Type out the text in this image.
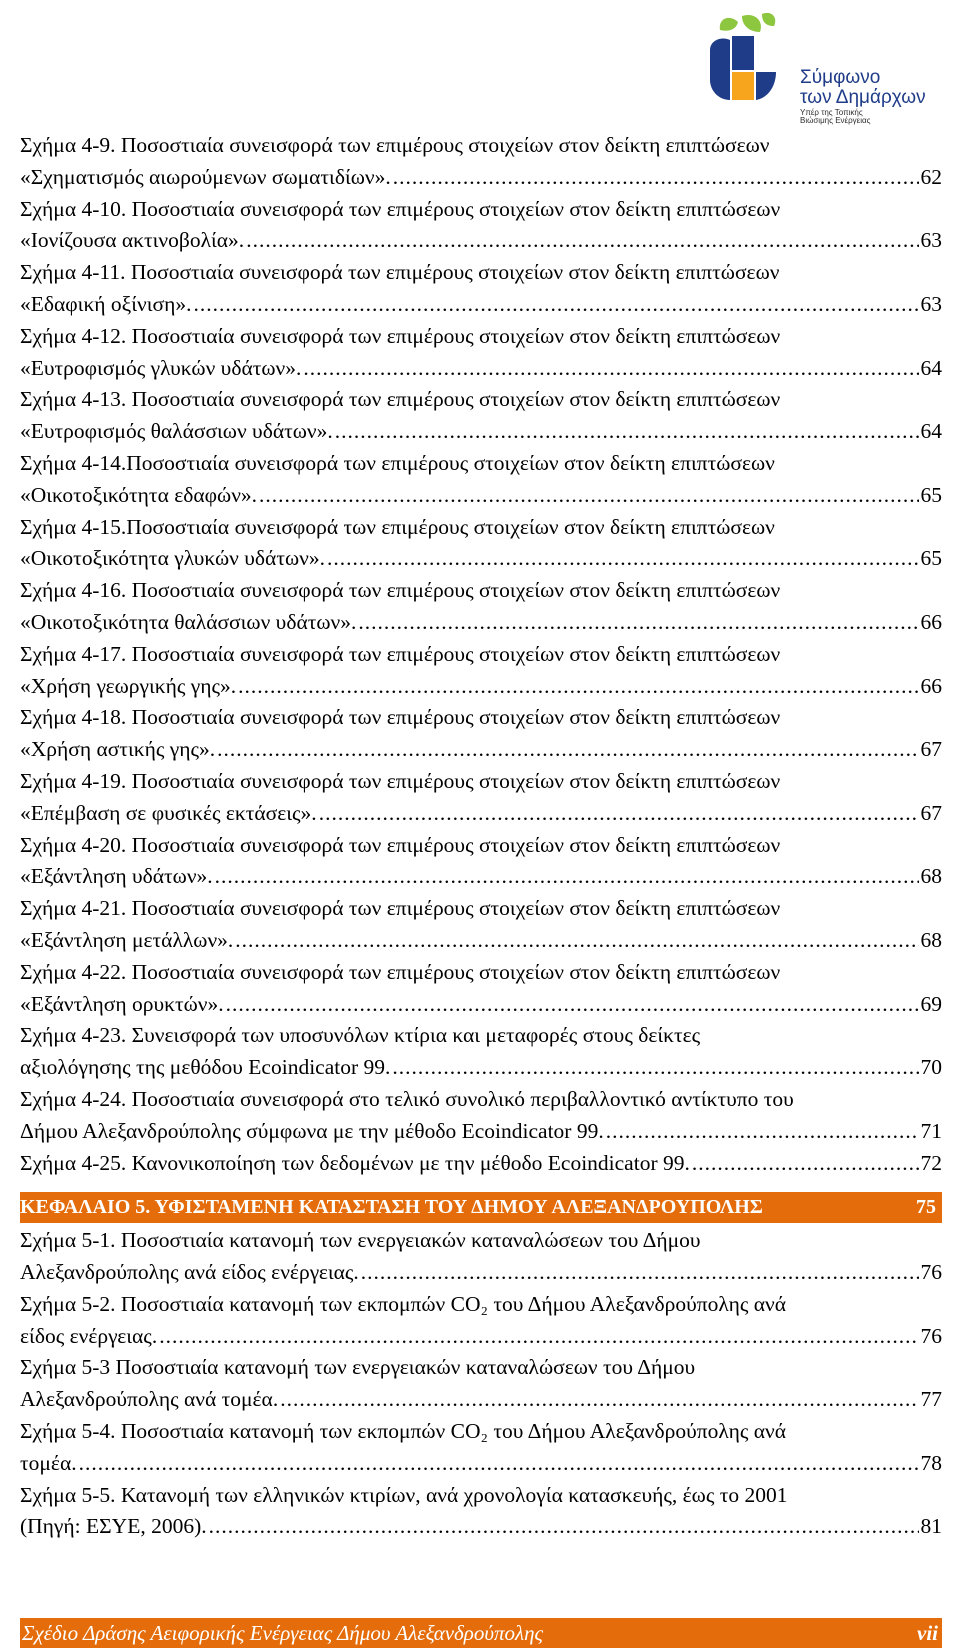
Σύμφωνο
των Δημάρχων
Υπέρ της Τοπικής
Βιώσιμης Ενέργειας
Σχήμα 4-9. Ποσοστιαία συνεισφορά των επιμέρους στοιχείων στον δείκτη επιπτώσεων
«Σχηματισμός αιωρούμενων σωματιδίων». .....	62
Σχήμα 4-10. Ποσοστιαία συνεισφορά των επιμέρους στοιχείων στον δείκτη επιπτώσεων
«Ιονίζουσα ακτινοβολία». .....	63
Σχήμα 4-11. Ποσοστιαία συνεισφορά των επιμέρους στοιχείων στον δείκτη επιπτώσεων
«Εδαφική οξίνιση». .....	63
Σχήμα 4-12. Ποσοστιαία συνεισφορά των επιμέρους στοιχείων στον δείκτη επιπτώσεων
«Ευτροφισμός γλυκών υδάτων». .....	64
Σχήμα 4-13. Ποσοστιαία συνεισφορά των επιμέρους στοιχείων στον δείκτη επιπτώσεων
«Ευτροφισμός θαλάσσιων υδάτων». .....	64
Σχήμα 4-14.Ποσοστιαία συνεισφορά των επιμέρους στοιχείων στον δείκτη επιπτώσεων
«Οικοτοξικότητα εδαφών». .....	65
Σχήμα 4-15.Ποσοστιαία συνεισφορά των επιμέρους στοιχείων στον δείκτη επιπτώσεων
«Οικοτοξικότητα γλυκών υδάτων». .....	65
Σχήμα 4-16. Ποσοστιαία συνεισφορά των επιμέρους στοιχείων στον δείκτη επιπτώσεων
«Οικοτοξικότητα θαλάσσιων υδάτων». .....	66
Σχήμα 4-17. Ποσοστιαία συνεισφορά των επιμέρους στοιχείων στον δείκτη επιπτώσεων
«Χρήση γεωργικής γης». .....	66
Σχήμα 4-18. Ποσοστιαία συνεισφορά των επιμέρους στοιχείων στον δείκτη επιπτώσεων
«Χρήση αστικής γης». .....	67
Σχήμα 4-19. Ποσοστιαία συνεισφορά των επιμέρους στοιχείων στον δείκτη επιπτώσεων
«Επέμβαση σε φυσικές εκτάσεις». .....	67
Σχήμα 4-20. Ποσοστιαία συνεισφορά των επιμέρους στοιχείων στον δείκτη επιπτώσεων
«Εξάντληση υδάτων». .....	68
Σχήμα 4-21. Ποσοστιαία συνεισφορά των επιμέρους στοιχείων στον δείκτη επιπτώσεων
«Εξάντληση μετάλλων». .....	68
Σχήμα 4-22. Ποσοστιαία συνεισφορά των επιμέρους στοιχείων στον δείκτη επιπτώσεων
«Εξάντληση ορυκτών». .....	69
Σχήμα 4-23. Συνεισφορά των υποσυνόλων κτίρια και μεταφορές στους δείκτες
αξιολόγησης της μεθόδου Ecoindicator 99. .....	70
Σχήμα 4-24. Ποσοστιαία συνεισφορά στο τελικό συνολικό περιβαλλοντικό αντίκτυπο του
Δήμου Αλεξανδρούπολης σύμφωνα με την μέθοδο Ecoindicator 99. .....	71
Σχήμα 4-25. Κανονικοποίηση των δεδομένων με την μέθοδο Ecoindicator 99. .....	72
ΚΕΦΑΛΑΙΟ 5. ΥΦΙΣΤΑΜΕΝΗ ΚΑΤΑΣΤΑΣΗ ΤΟΥ ΔΗΜΟΥ ΑΛΕΞΑΝΔΡΟΥΠΟΛΗΣ	75
Σχήμα 5-1. Ποσοστιαία κατανομή των ενεργειακών καταναλώσεων του Δήμου
Αλεξανδρούπολης ανά είδος ενέργειας. .....	76
Σχήμα 5-2. Ποσοστιαία κατανομή των εκπομπών CO₂ του Δήμου Αλεξανδρούπολης ανά
είδος ενέργειας. .....	76
Σχήμα 5-3 Ποσοστιαία κατανομή των ενεργειακών καταναλώσεων του Δήμου
Αλεξανδρούπολης ανά τομέα. .....	77
Σχήμα 5-4. Ποσοστιαία κατανομή των εκπομπών CO₂ του Δήμου Αλεξανδρούπολης ανά
τομέα. .....	78
Σχήμα 5-5. Κατανομή των ελληνικών κτιρίων, ανά χρονολογία κατασκευής, έως το 2001
(Πηγή: ΕΣΥΕ, 2006). .....	81
Σχέδιο Δράσης Αειφορικής Ενέργειας Δήμου Αλεξανδρούπολης	vii
